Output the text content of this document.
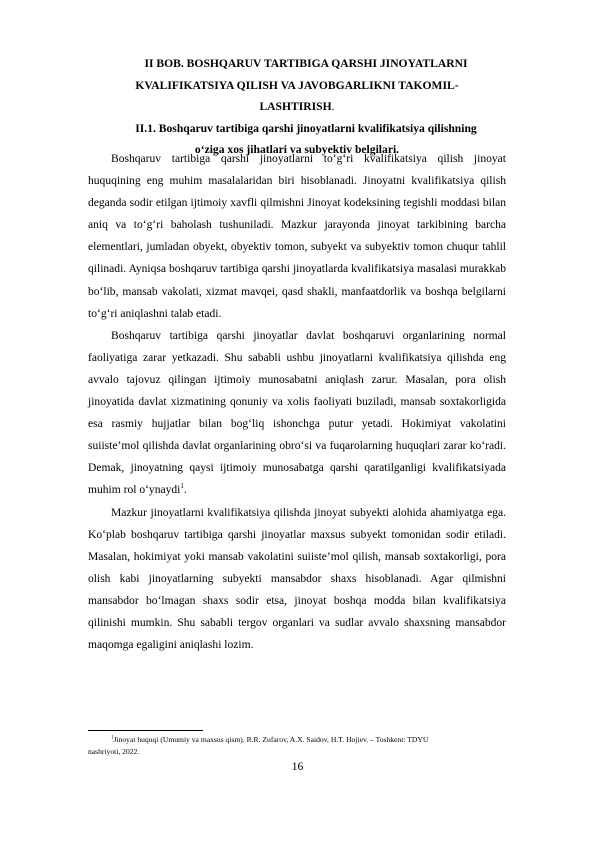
II BOB. BOSHQARUV TARTIBIGA QARSHI JINOYATLARNI
KVALIFIKATSIYA QILISH VA JAVOBGARLIKNI TAKOMIL-
LASHTIRISH.
II.1. Boshqaruv tartibiga qarshi jinoyatlarni kvalifikatsiya qilishning
o‘ziga xos jihatlari va subyektiv belgilari.

Boshqaruv tartibiga qarshi jinoyatlarni to‘g‘ri kvalifikatsiya qilish jinoyat huquqining eng muhim masalalaridan biri hisoblanadi. Jinoyatni kvalifikatsiya qilish deganda sodir etilgan ijtimoiy xavfli qilmishni Jinoyat kodeksining tegishli moddasi bilan aniq va to‘g‘ri baholash tushuniladi. Mazkur jarayonda jinoyat tarkibining barcha elementlari, jumladan obyekt, obyektiv tomon, subyekt va subyektiv tomon chuqur tahlil qilinadi. Ayniqsa boshqaruv tartibiga qarshi jinoyatlarda kvalifikatsiya masalasi murakkab bo‘lib, mansab vakolati, xizmat mavqei, qasd shakli, manfaatdorlik va boshqa belgilarni to‘g‘ri aniqlashni talab etadi.

Boshqaruv tartibiga qarshi jinoyatlar davlat boshqaruvi organlarining normal faoliyatiga zarar yetkazadi. Shu sababli ushbu jinoyatlarni kvalifikatsiya qilishda eng avvalo tajovuz qilingan ijtimoiy munosabatni aniqlash zarur. Masalan, pora olish jinoyatida davlat xizmatining qonuniy va xolis faoliyati buziladi, mansab soxtakorligida esa rasmiy hujjatlar bilan bog‘liq ishonchga putur yetadi. Hokimiyat vakolatini suiiste’mol qilishda davlat organlarining obro‘si va fuqarolarning huquqlari zarar ko‘radi. Demak, jinoyatning qaysi ijtimoiy munosabatga qarshi qaratilganligi kvalifikatsiyada muhim rol o‘ynaydi$^1$.

Mazkur jinoyatlarni kvalifikatsiya qilishda jinoyat subyekti alohida ahamiyatga ega. Ko‘plab boshqaruv tartibiga qarshi jinoyatlar maxsus subyekt tomonidan sodir etiladi. Masalan, hokimiyat yoki mansab vakolatini suiiste’mol qilish, mansab soxtakorligi, pora olish kabi jinoyatlarning subyekti mansabdor shaxs hisoblanadi. Agar qilmishni mansabdor bo‘lmagan shaxs sodir etsa, jinoyat boshqa modda bilan kvalifikatsiya qilinishi mumkin. Shu sababli tergov organlari va sudlar avvalo shaxsning mansabdor maqomga egaligini aniqlashi lozim.

$^1$Jinoyat huquqi (Umumiy va maxsus qism). R.R. Zufarov, A.X. Saidov, H.T. Hojiev. – Toshkent: TDYU
nashriyoti, 2022.
16
